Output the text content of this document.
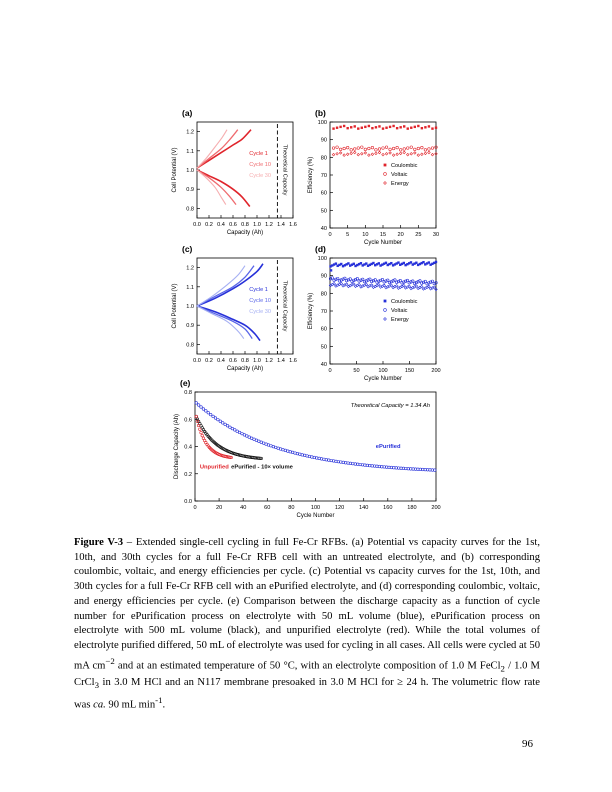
0.0 0.2 0.4 0.6 0.8 1.0 1.2 1.4 1.6
0.8
0.9
1.0
1.1
1.2
Capacity (Ah)
Cell Potential (V)
(a)
Theoretical Capacity
Cycle 1
Cycle 10
Cycle 30
0	5 10 15 20 25 30
40
50
60
70
80
90
100
Cycle Number
Efficiency (%)
(b)
Coulombic
Voltaic
Energy
0.0 0.2 0.4 0.6 0.8 1.0 1.2 1.4 1.6
0.8
0.9
1.0
1.1
1.2
Capacity (Ah)
Cell Potential (V)
(c)
Theoretical Capacity
Cycle 1
Cycle 10
Cycle 30
0	50	100	150	200
40
50
60
70
80
90
100
Cycle Number
Efficiency (%)
(d)
Coulombic
Voltaic
Energy
0	20	40	60	80	100	120	140	160	180	200
0.0
0.2
0.4
0.6
0.8
Cycle Number
Discharge Capacity (Ah)
(e)
Theoretical Capacity = 1.34 Ah
ePurified
ePurified - 10× volume
Unpurified
Figure V-3 – Extended single-cell cycling in full Fe-Cr RFBs. (a) Potential vs capacity curves for the 1st, 10th, and 30th cycles for a full Fe-Cr RFB cell with an untreated electrolyte, and (b) corresponding coulombic, voltaic, and energy efficiencies per cycle. (c) Potential vs capacity curves for the 1st, 10th, and 30th cycles for a full Fe-Cr RFB cell with an ePurified electrolyte, and (d) corresponding coulombic, voltaic, and energy efficiencies per cycle. (e) Comparison between the discharge capacity as a function of cycle number for ePurification process on electrolyte with 50 mL volume (blue), ePurification process on electrolyte with 500 mL volume (black), and unpurified electrolyte (red). While the total volumes of electrolyte purified differed, 50 mL of electrolyte was used for cycling in all cases. All cells were cycled at 50 mA $cm^{-2}$ and at an estimated temperature of 50 °C, with an electrolyte composition of 1.0 M FeCl$_2$ / 1.0 M CrCl$_3$ in 3.0 M HCl and an N117 membrane presoaked in 3.0 M HCl for ≥ 24 h. The volumetric flow rate was ca. 90 mL $\min^{-1}$.
96
